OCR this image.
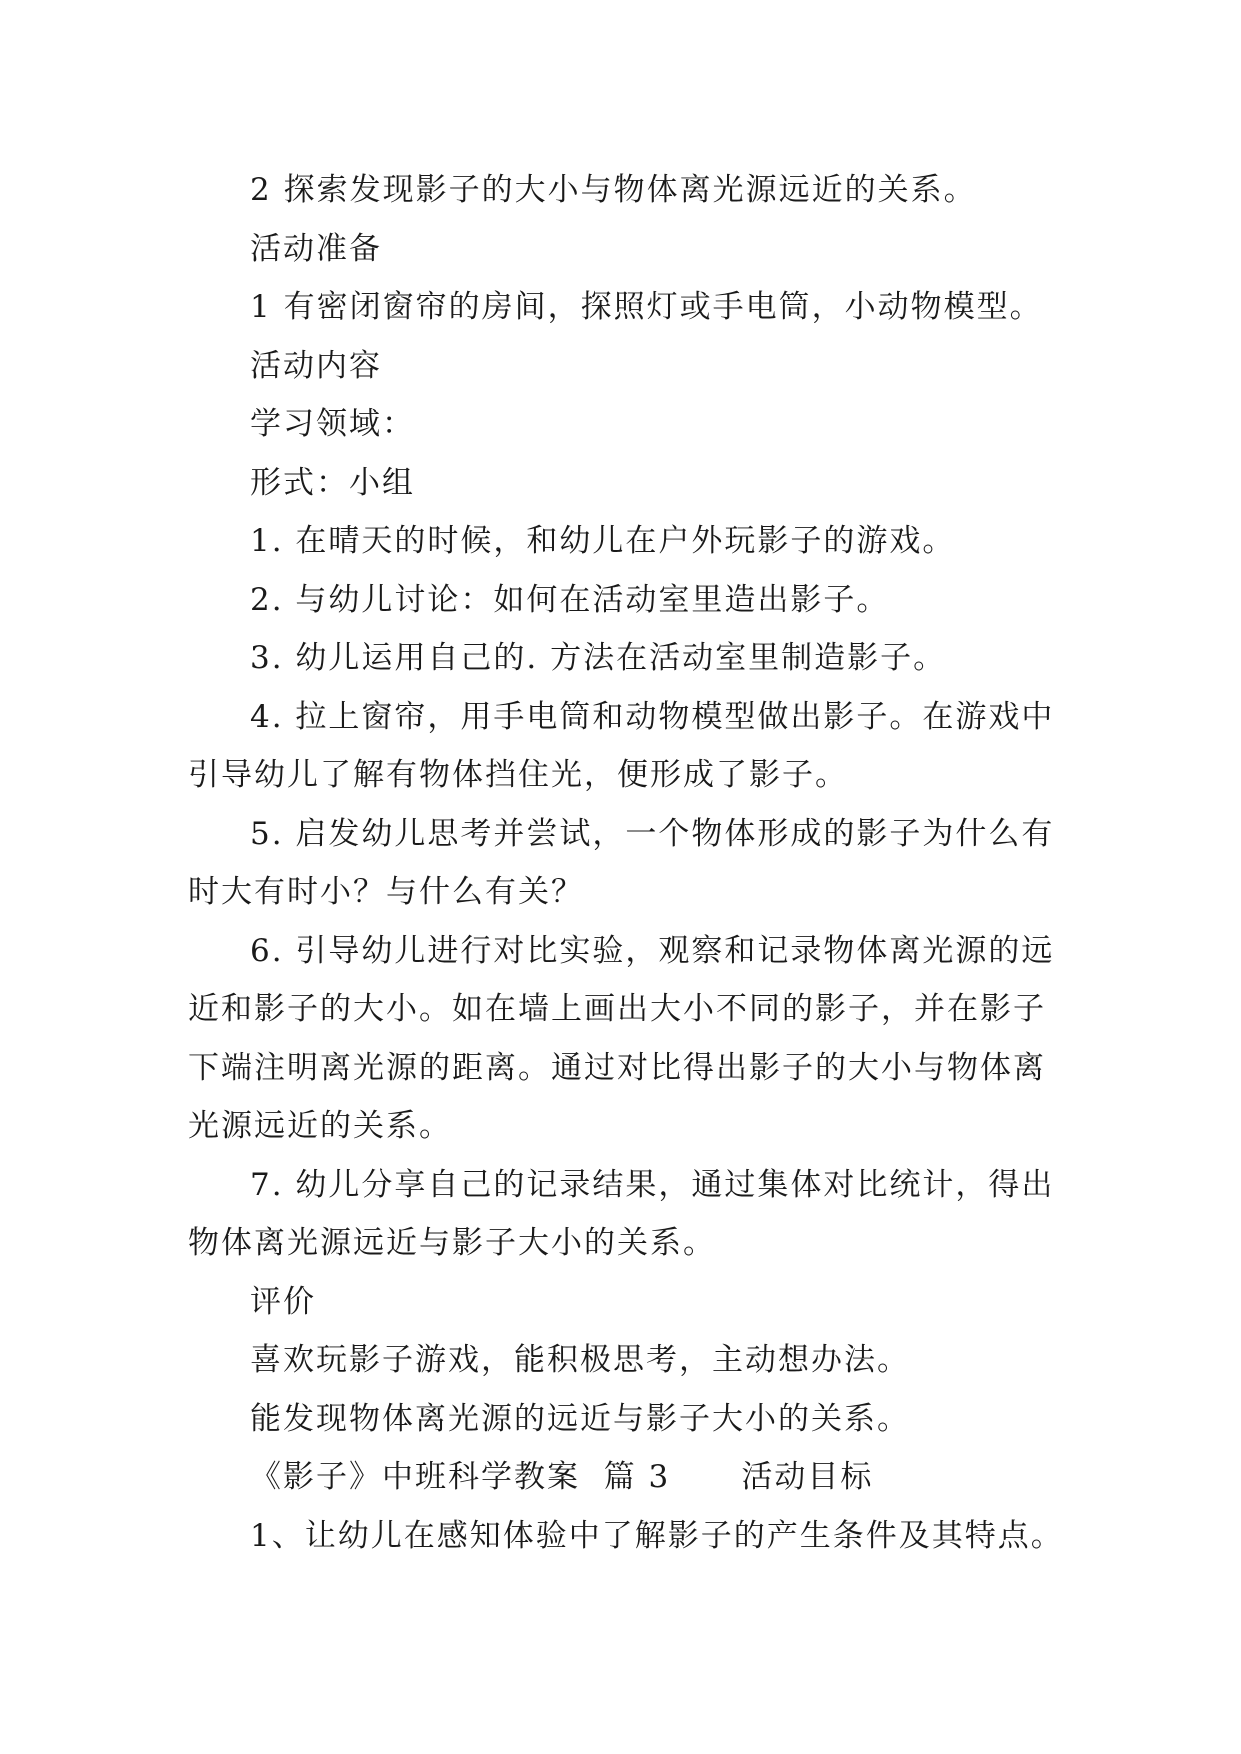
2 探索发现影子的大小与物体离光源远近的关系。

活动准备

1 有密闭窗帘的房间，探照灯或手电筒，小动物模型。

活动内容

学习领域：

形式：小组

1. 在晴天的时候，和幼儿在户外玩影子的游戏。

2. 与幼儿讨论：如何在活动室里造出影子。

3. 幼儿运用自己的. 方法在活动室里制造影子。

4. 拉上窗帘，用手电筒和动物模型做出影子。在游戏中引导幼儿了解有物体挡住光，便形成了影子。

5. 启发幼儿思考并尝试，一个物体形成的影子为什么有时大有时小？与什么有关？

6. 引导幼儿进行对比实验，观察和记录物体离光源的远近和影子的大小。如在墙上画出大小不同的影子，并在影子下端注明离光源的距离。通过对比得出影子的大小与物体离光源远近的关系。

7. 幼儿分享自己的记录结果，通过集体对比统计，得出物体离光源远近与影子大小的关系。

评价

喜欢玩影子游戏，能积极思考，主动想办法。

能发现物体离光源的远近与影子大小的关系。

《影子》中班科学教案  篇 3      活动目标

1、让幼儿在感知体验中了解影子的产生条件及其特点。
